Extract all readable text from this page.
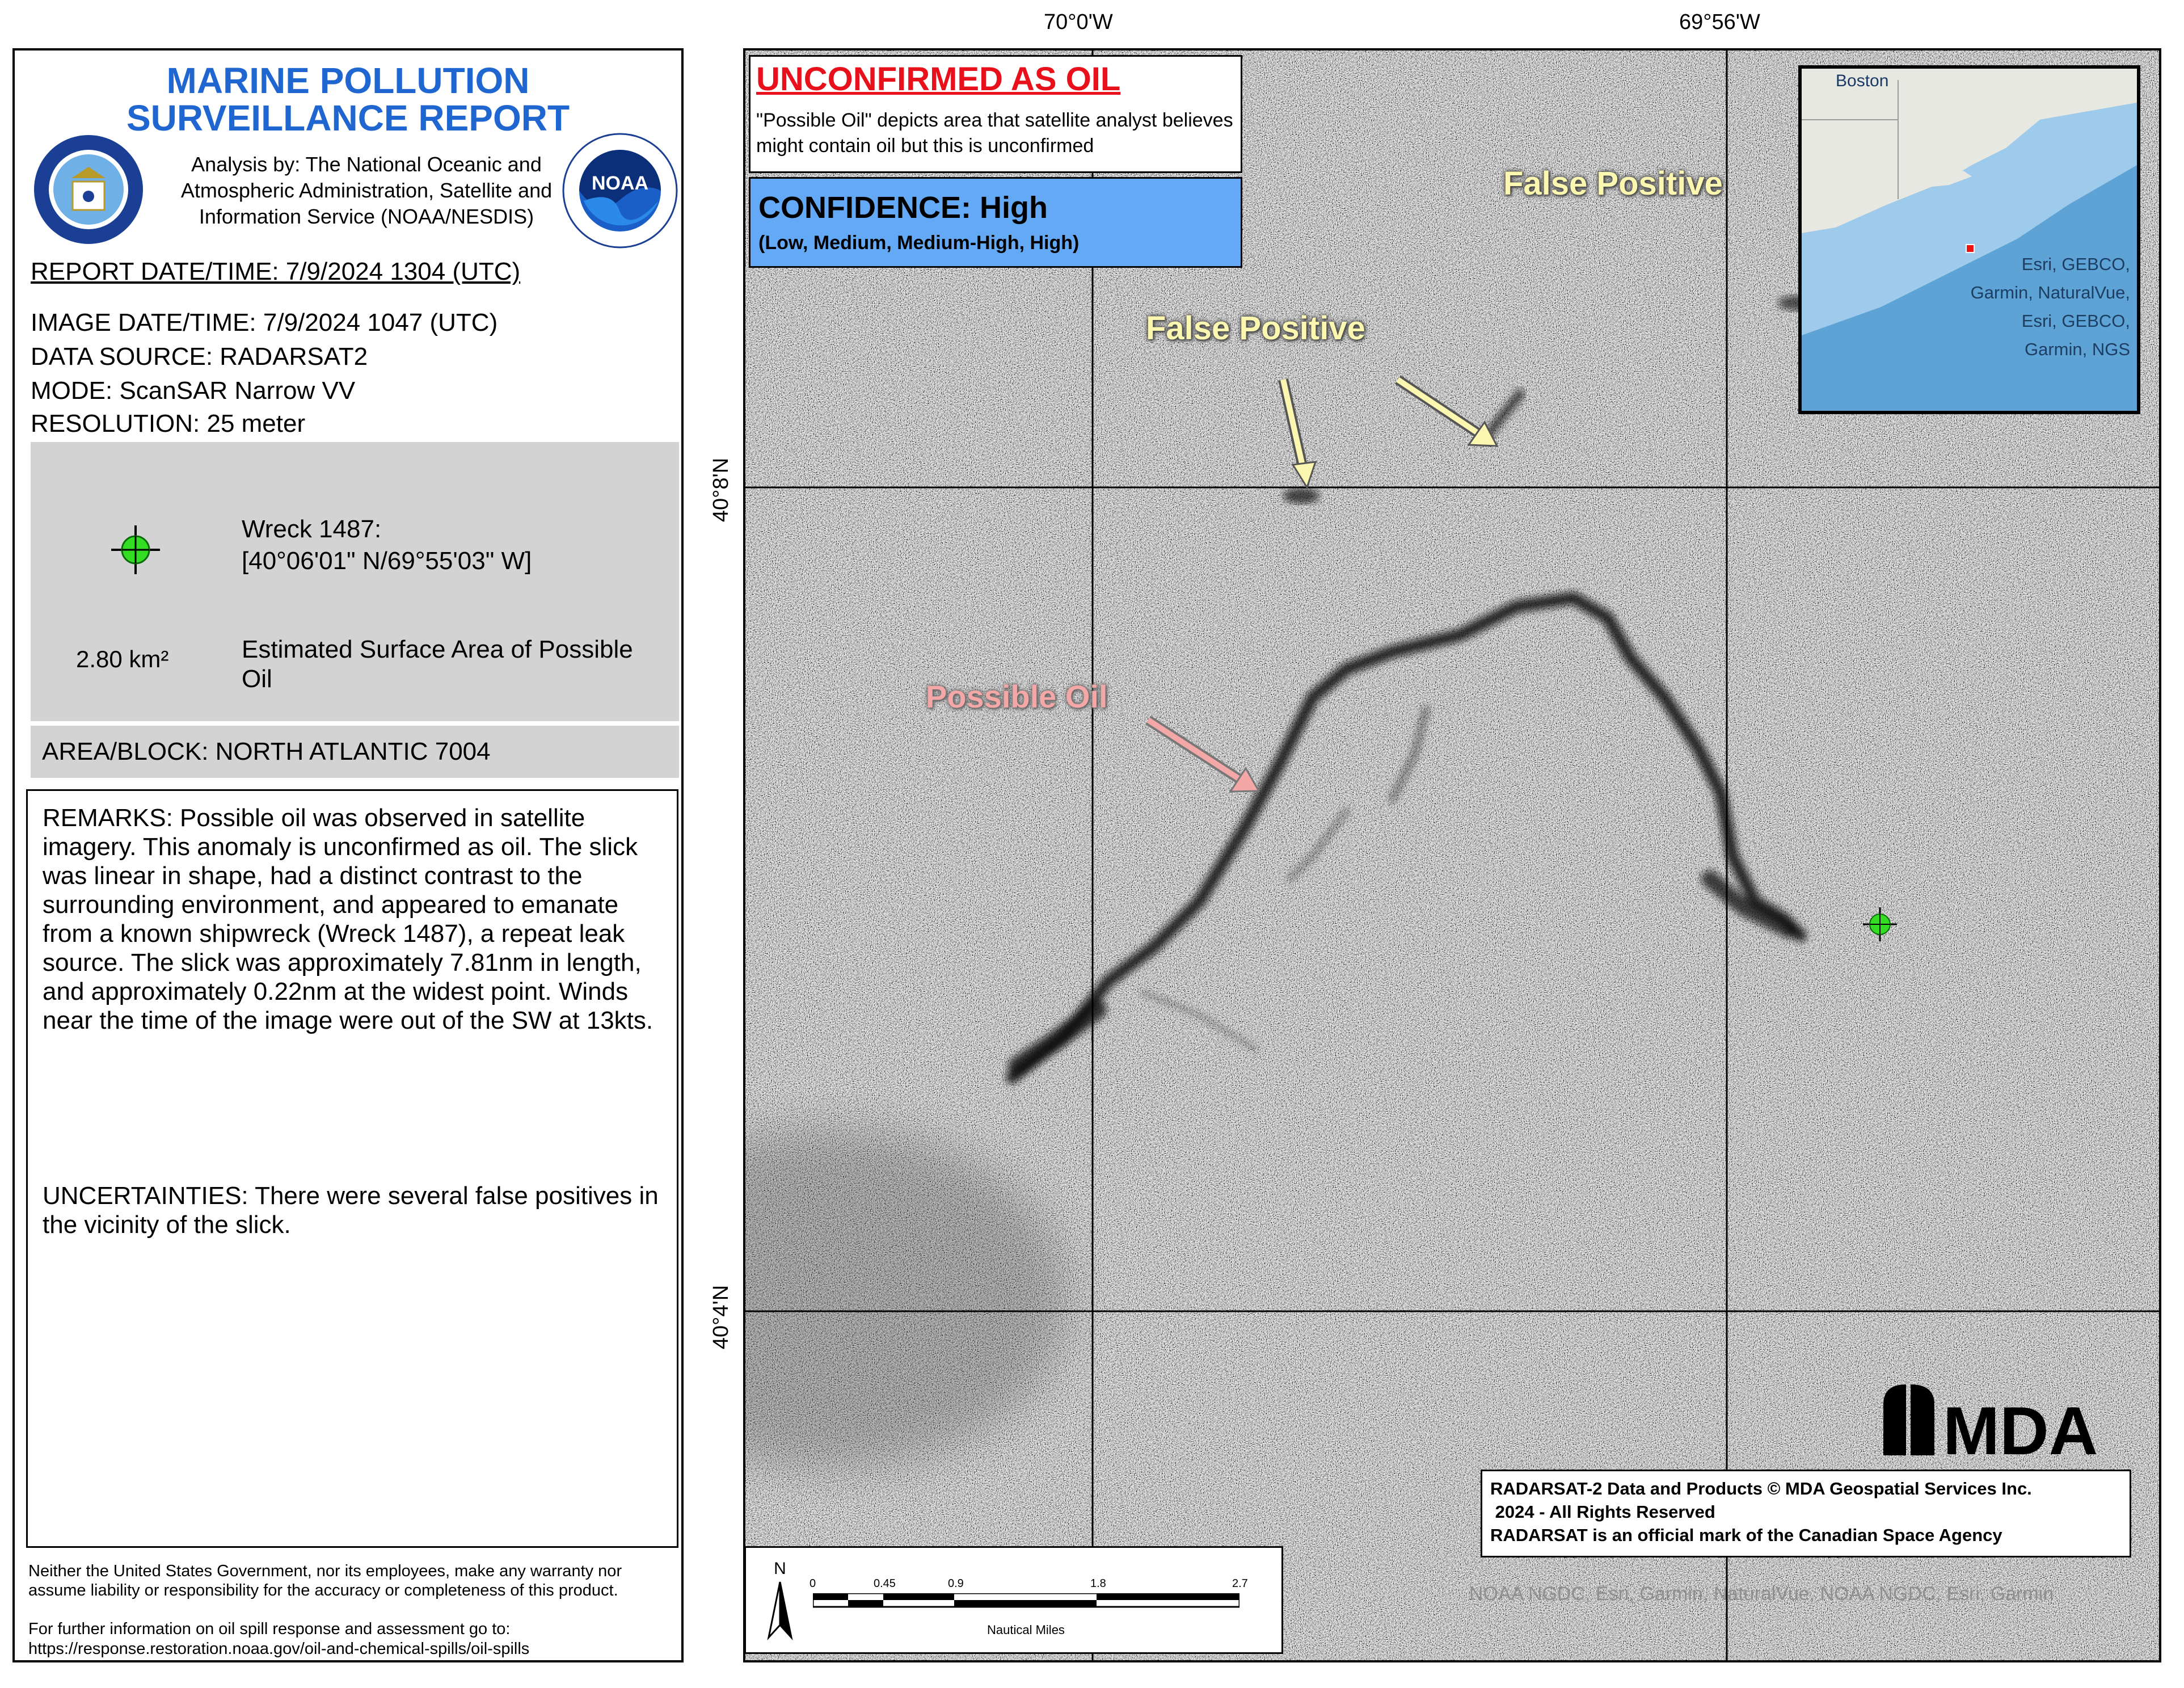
MARINE POLLUTION
SURVEILLANCE REPORT
Analysis by: The National Oceanic and Atmospheric Administration, Satellite and Information Service (NOAA/NESDIS)
NOAA
REPORT DATE/TIME: 7/9/2024 1304 (UTC)
IMAGE DATE/TIME: 7/9/2024 1047 (UTC)
DATA SOURCE: RADARSAT2
MODE: ScanSAR Narrow VV
RESOLUTION: 25 meter
Wreck 1487:
[40°06'01" N/69°55'03" W]
2.80 km²	Estimated Surface Area of Possible Oil
AREA/BLOCK: NORTH ATLANTIC 7004
REMARKS: Possible oil was observed in satellite imagery. This anomaly is unconfirmed as oil. The slick was linear in shape, had a distinct contrast to the surrounding environment, and appeared to emanate from a known shipwreck (Wreck 1487), a repeat leak source. The slick was approximately 7.81nm in length, and approximately 0.22nm at the widest point. Winds near the time of the image were out of the SW at 13kts.
UNCERTAINTIES: There were several false positives in the vicinity of the slick.
Neither the United States Government, nor its employees, make any warranty nor assume liability or responsibility for the accuracy or completeness of this product.
For further information on oil spill response and assessment go to: https://response.restoration.noaa.gov/oil-and-chemical-spills/oil-spills
70°0'W	69°56'W
40°8'N
40°4'N
UNCONFIRMED AS OIL
"Possible Oil" depicts area that satellite analyst believes might contain oil but this is unconfirmed
CONFIDENCE: High
(Low, Medium, Medium-High, High)
False Positive
False Positive
Possible Oil
Boston
Esri, GEBCO, Garmin, NaturalVue, Esri, GEBCO, Garmin, NGS
MDA
RADARSAT-2 Data and Products © MDA Geospatial Services Inc.
2024 - All Rights Reserved
RADARSAT is an official mark of the Canadian Space Agency
NOAA NGDC, Esri, Garmin, NaturalVue, NOAA NGDC, Esri, Garmin
N
0	0.45	0.9	1.8	2.7
Nautical Miles
